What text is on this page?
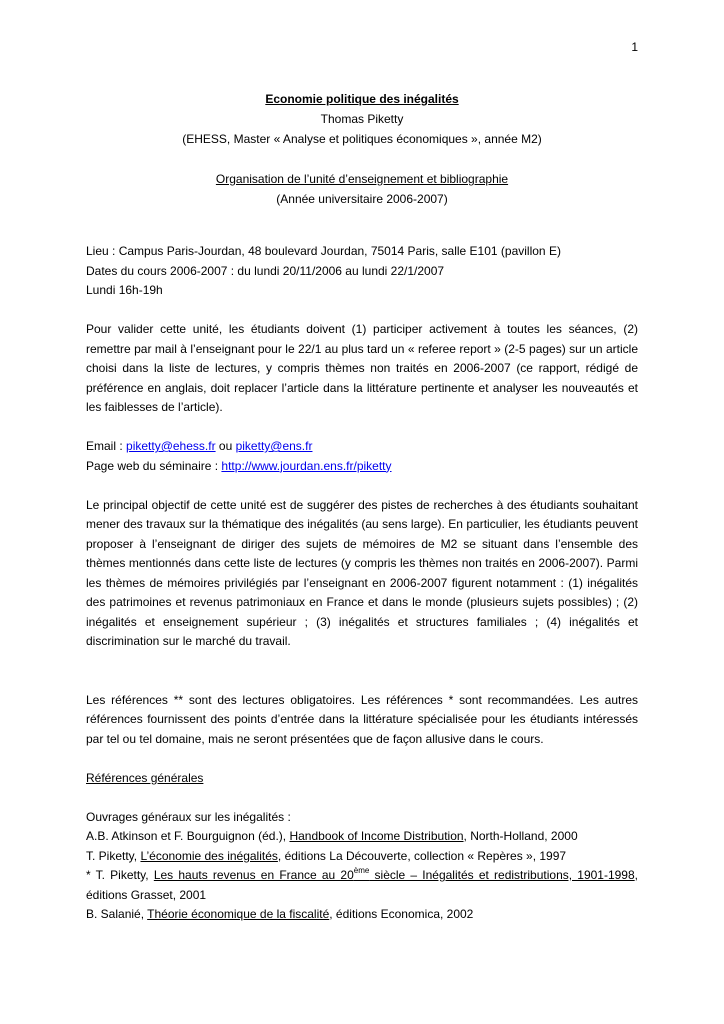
1
Economie politique des inégalités
Thomas Piketty
(EHESS, Master « Analyse et politiques économiques », année M2)
Organisation de l’unité d’enseignement et bibliographie
(Année universitaire 2006-2007)

Lieu : Campus Paris-Jourdan, 48 boulevard Jourdan, 75014 Paris, salle E101 (pavillon E)

Dates du cours 2006-2007 : du lundi 20/11/2006 au lundi 22/1/2007

Lundi 16h-19h

Pour valider cette unité, les étudiants doivent (1) participer activement à toutes les séances, (2) remettre par mail à l’enseignant pour le 22/1 au plus tard un « referee report » (2-5 pages) sur un article choisi dans la liste de lectures, y compris thèmes non traités en 2006-2007 (ce rapport, rédigé de préférence en anglais, doit replacer l’article dans la littérature pertinente et analyser les nouveautés et les faiblesses de l’article).

Email : piketty@ehess.fr ou piketty@ens.fr

Page web du séminaire : http://www.jourdan.ens.fr/piketty

Le principal objectif de cette unité est de suggérer des pistes de recherches à des étudiants souhaitant mener des travaux sur la thématique des inégalités (au sens large). En particulier, les étudiants peuvent proposer à l’enseignant de diriger des sujets de mémoires de M2 se situant dans l’ensemble des thèmes mentionnés dans cette liste de lectures (y compris les thèmes non traités en 2006-2007). Parmi les thèmes de mémoires privilégiés par l’enseignant en 2006-2007 figurent notamment : (1) inégalités des patrimoines et revenus patrimoniaux en France et dans le monde (plusieurs sujets possibles) ; (2) inégalités et enseignement supérieur ; (3) inégalités et structures familiales ; (4) inégalités et discrimination sur le marché du travail.

Les références ** sont des lectures obligatoires. Les références * sont recommandées. Les autres références fournissent des points d’entrée dans la littérature spécialisée pour les étudiants intéressés par tel ou tel domaine, mais ne seront présentées que de façon allusive dans le cours.

Références générales

Ouvrages généraux sur les inégalités :

A.B. Atkinson et F. Bourguignon (éd.), Handbook of Income Distribution, North-Holland, 2000

T. Piketty, L’économie des inégalités, éditions La Découverte, collection « Repères », 1997

* T. Piketty, Les hauts revenus en France au 20ème siècle – Inégalités et redistributions, 1901-1998, éditions Grasset, 2001

B. Salanié, Théorie économique de la fiscalité, éditions Economica, 2002
